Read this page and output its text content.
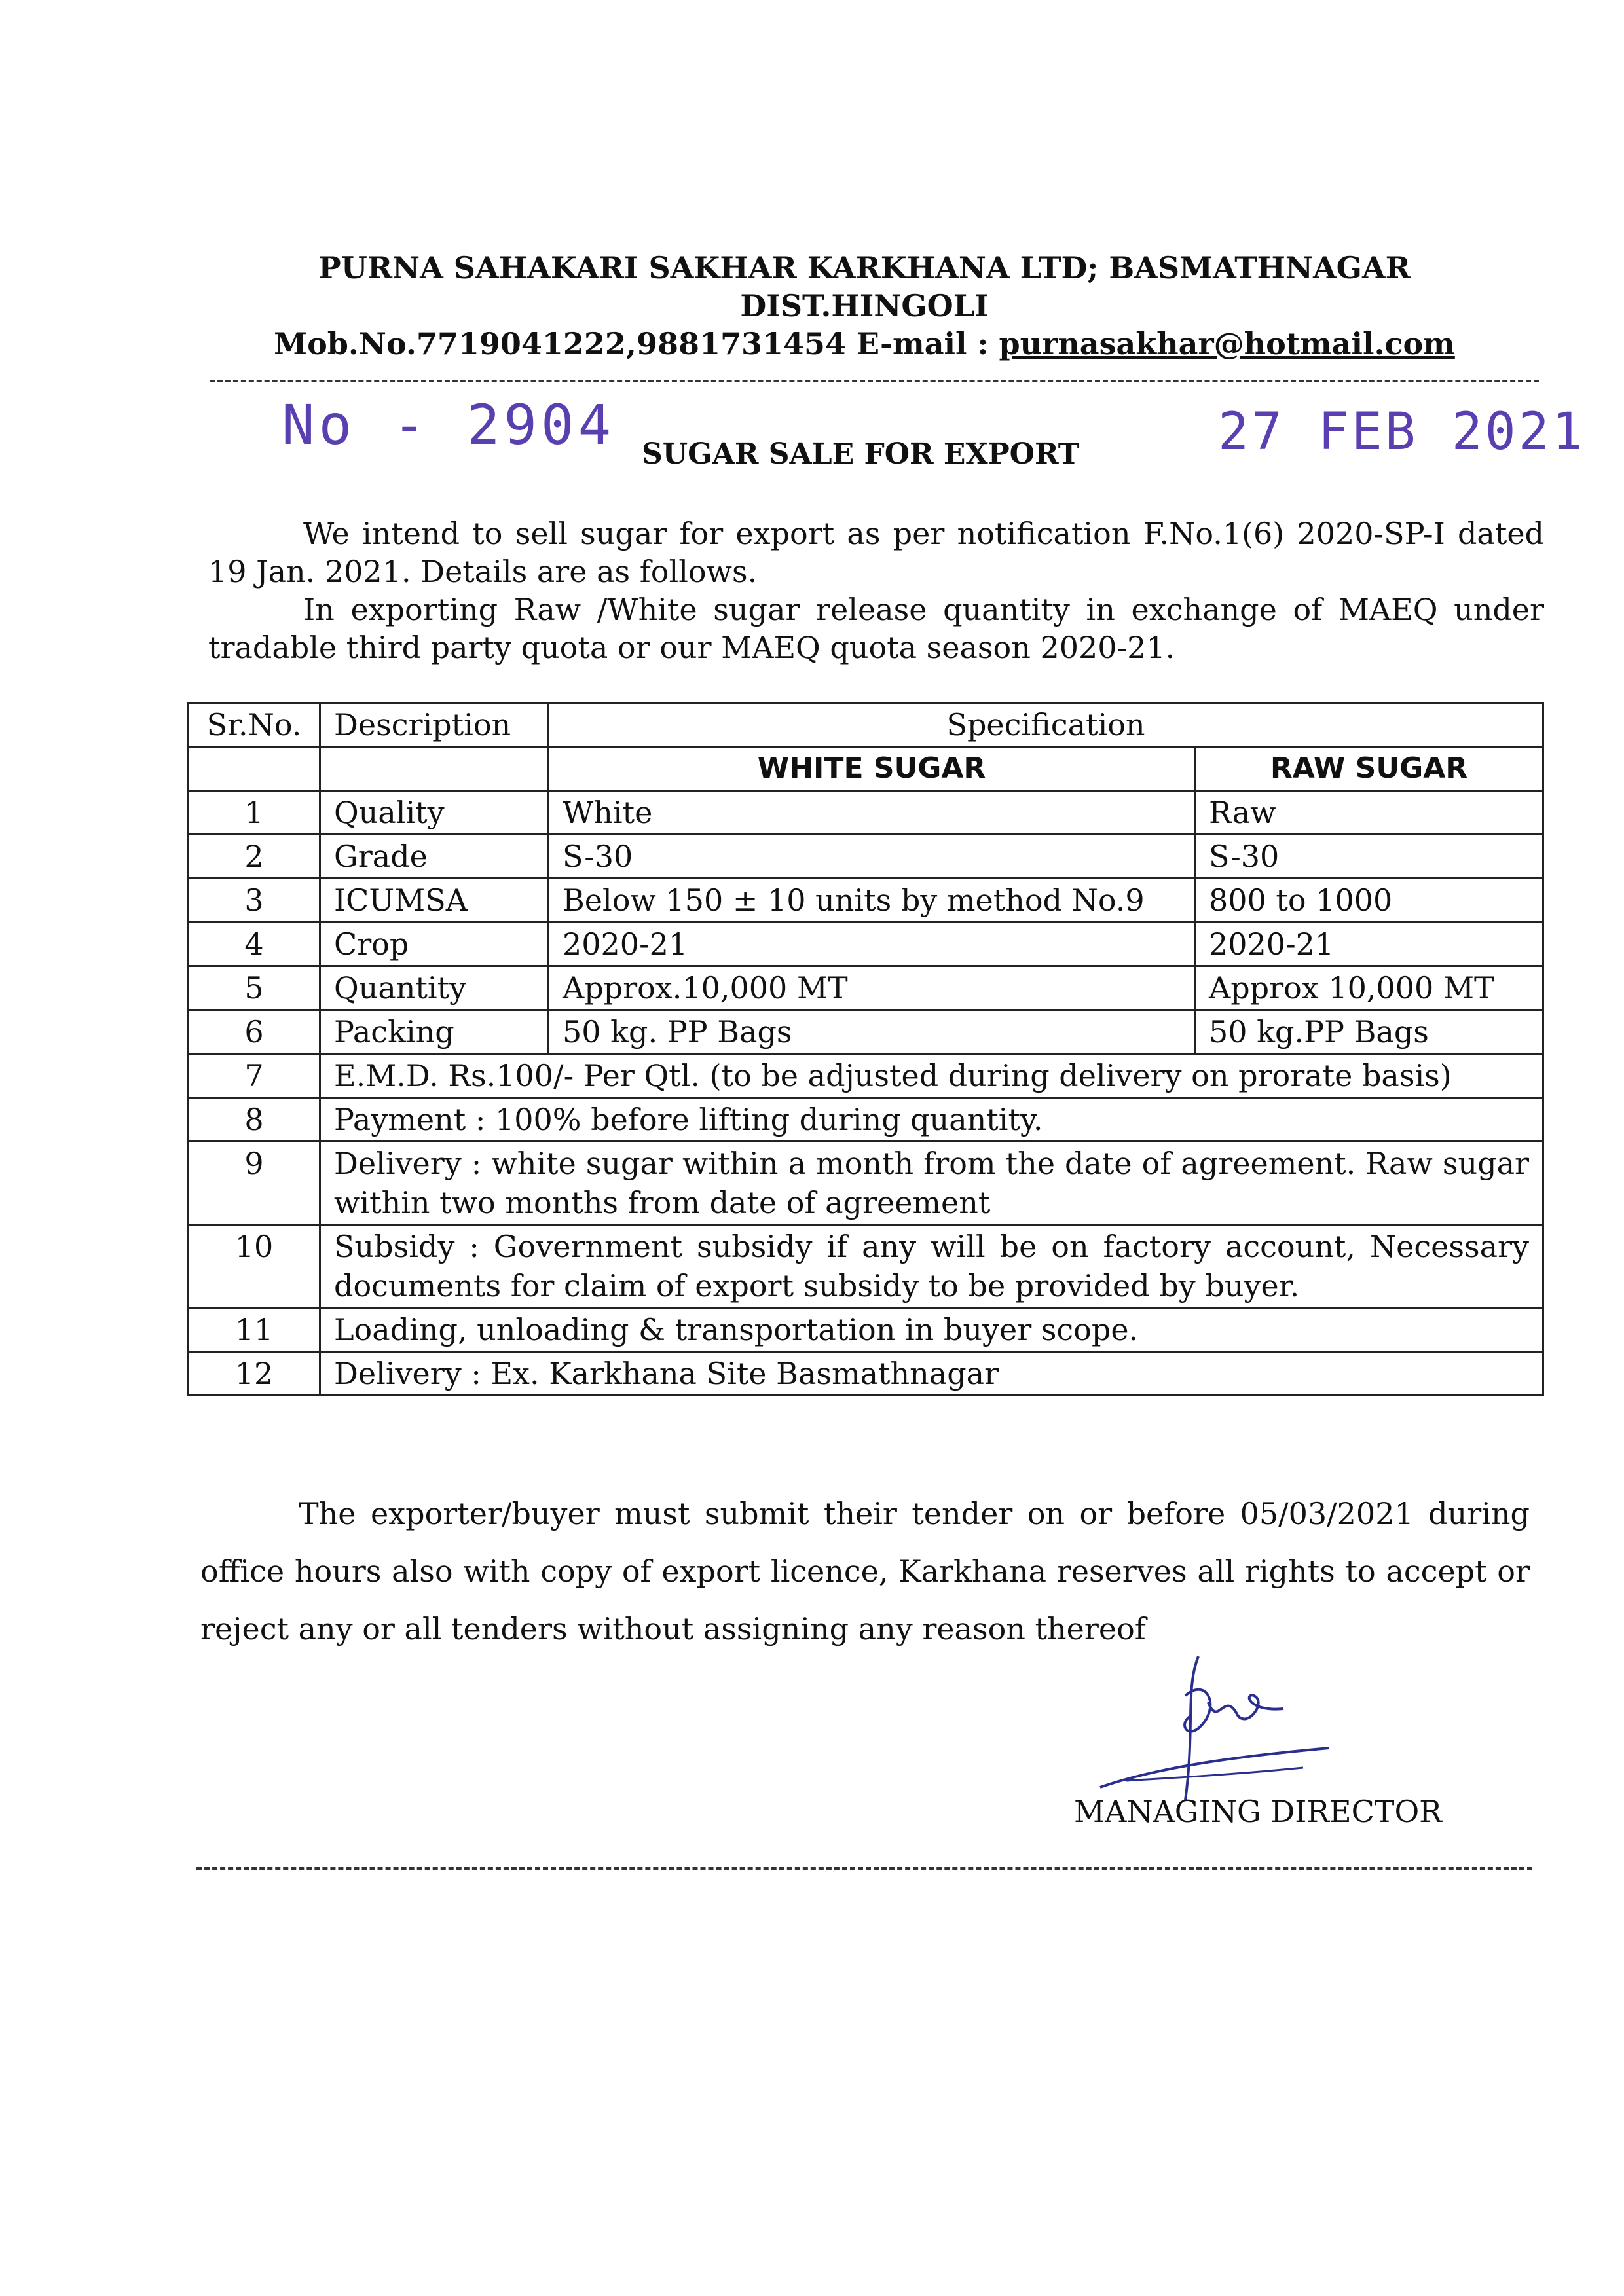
PURNA SAHAKARI SAKHAR KARKHANA LTD; BASMATHNAGAR
DIST.HINGOLI
Mob.No.7719041222,9881731454 E-mail : purnasakhar@hotmail.com
No - 2904	27 FEB 2021
SUGAR SALE FOR EXPORT
We intend to sell sugar for export as per notification F.No.1(6) 2020-SP-I dated 19 Jan. 2021. Details are as follows.
In exporting Raw /White sugar release quantity in exchange of MAEQ under tradable third party quota or our MAEQ quota season 2020-21.
Sr.No.	Description	Specification	
		WHITE SUGAR	RAW SUGAR
1	Quality	White	Raw
2	Grade	S-30	S-30
3	ICUMSA	Below 150 ± 10 units by method No.9	800 to 1000
4	Crop	2020-21	2020-21
5	Quantity	Approx.10,000 MT	Approx 10,000 MT
6	Packing	50 kg. PP Bags	50 kg.PP Bags
7	E.M.D. Rs.100/- Per Qtl. (to be adjusted during delivery on prorate basis)		
8	Payment : 100% before lifting during quantity.		
9	Delivery : white sugar within a month from the date of agreement. Raw sugar within two months from date of agreement		
10	Subsidy : Government subsidy if any will be on factory account, Necessary documents for claim of export subsidy to be provided by buyer.		
11	Loading, unloading & transportation in buyer scope.		
12	Delivery : Ex. Karkhana Site Basmathnagar		
The exporter/buyer must submit their tender on or before 05/03/2021 during office hours also with copy of export licence, Karkhana reserves all rights to accept or reject any or all tenders without assigning any reason thereof
MANAGING DIRECTOR
